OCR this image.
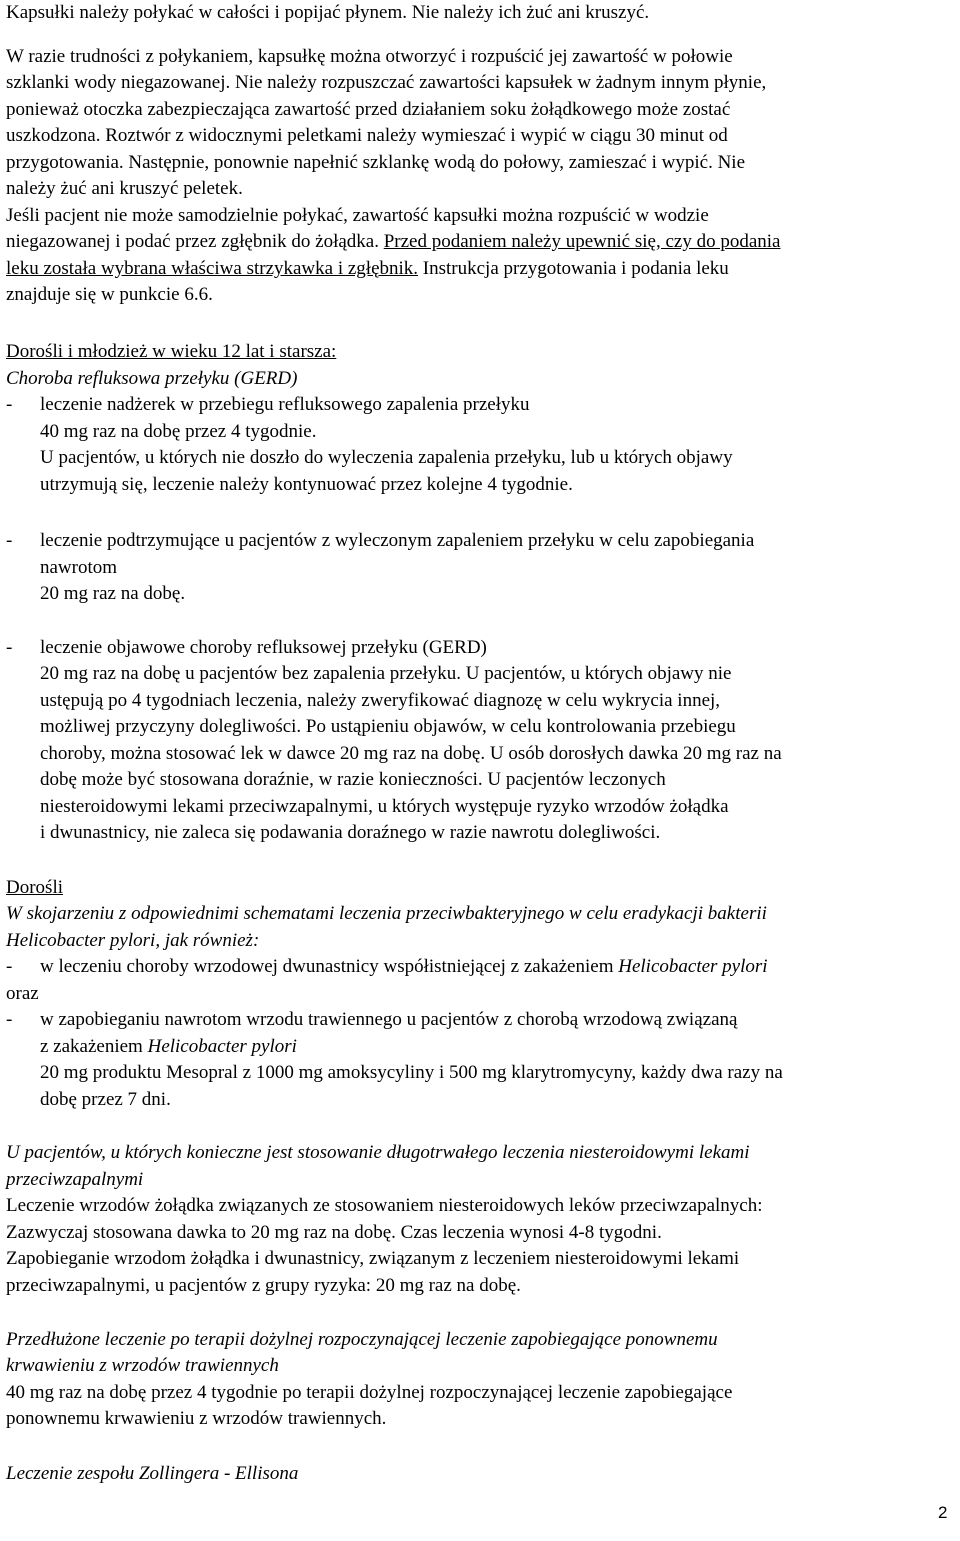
Kapsułki należy połykać w całości i popijać płynem. Nie należy ich żuć ani kruszyć.

W razie trudności z połykaniem, kapsułkę można otworzyć i rozpuścić jej zawartość w połowie

szklanki wody niegazowanej. Nie należy rozpuszczać zawartości kapsułek w żadnym innym płynie,

ponieważ otoczka zabezpieczająca zawartość przed działaniem soku żołądkowego może zostać

uszkodzona. Roztwór z widocznymi peletkami należy wymieszać i wypić w ciągu 30 minut od

przygotowania. Następnie, ponownie napełnić szklankę wodą do połowy, zamieszać i wypić. Nie

należy żuć ani kruszyć peletek.

Jeśli pacjent nie może samodzielnie połykać, zawartość kapsułki można rozpuścić w wodzie

niegazowanej i podać przez zgłębnik do żołądka. Przed podaniem należy upewnić się, czy do podania

leku została wybrana właściwa strzykawka i zgłębnik. Instrukcja przygotowania i podania leku

znajduje się w punkcie 6.6.

Dorośli i młodzież w wieku 12 lat i starsza:

Choroba refluksowa przełyku (GERD)

- leczenie nadżerek w przebiegu refluksowego zapalenia przełyku

40 mg raz na dobę przez 4 tygodnie.

U pacjentów, u których nie doszło do wyleczenia zapalenia przełyku, lub u których objawy

utrzymują się, leczenie należy kontynuować przez kolejne 4 tygodnie.

- leczenie podtrzymujące u pacjentów z wyleczonym zapaleniem przełyku w celu zapobiegania

nawrotom

20 mg raz na dobę.

- leczenie objawowe choroby refluksowej przełyku (GERD)

20 mg raz na dobę u pacjentów bez zapalenia przełyku. U pacjentów, u których objawy nie

ustępują po 4 tygodniach leczenia, należy zweryfikować diagnozę w celu wykrycia innej,

możliwej przyczyny dolegliwości. Po ustąpieniu objawów, w celu kontrolowania przebiegu

choroby, można stosować lek w dawce 20 mg raz na dobę. U osób dorosłych dawka 20 mg raz na

dobę może być stosowana doraźnie, w razie konieczności. U pacjentów leczonych

niesteroidowymi lekami przeciwzapalnymi, u których występuje ryzyko wrzodów żołądka

i dwunastnicy, nie zaleca się podawania doraźnego w razie nawrotu dolegliwości.

Dorośli

W skojarzeniu z odpowiednimi schematami leczenia przeciwbakteryjnego w celu eradykacji bakterii

Helicobacter pylori, jak również:

- w leczeniu choroby wrzodowej dwunastnicy współistniejącej z zakażeniem Helicobacter pylori

oraz

- w zapobieganiu nawrotom wrzodu trawiennego u pacjentów z chorobą wrzodową związaną

z zakażeniem Helicobacter pylori

20 mg produktu Mesopral z 1000 mg amoksycyliny i 500 mg klarytromycyny, każdy dwa razy na

dobę przez 7 dni.

U pacjentów, u których konieczne jest stosowanie długotrwałego leczenia niesteroidowymi lekami

przeciwzapalnymi

Leczenie wrzodów żołądka związanych ze stosowaniem niesteroidowych leków przeciwzapalnych:

Zazwyczaj stosowana dawka to 20 mg raz na dobę. Czas leczenia wynosi 4-8 tygodni.

Zapobieganie wrzodom żołądka i dwunastnicy, związanym z leczeniem niesteroidowymi lekami

przeciwzapalnymi, u pacjentów z grupy ryzyka: 20 mg raz na dobę.

Przedłużone leczenie po terapii dożylnej rozpoczynającej leczenie zapobiegające ponownemu

krwawieniu z wrzodów trawiennych

40 mg raz na dobę przez 4 tygodnie po terapii dożylnej rozpoczynającej leczenie zapobiegające

ponownemu krwawieniu z wrzodów trawiennych.

Leczenie zespołu Zollingera - Ellisona

2
